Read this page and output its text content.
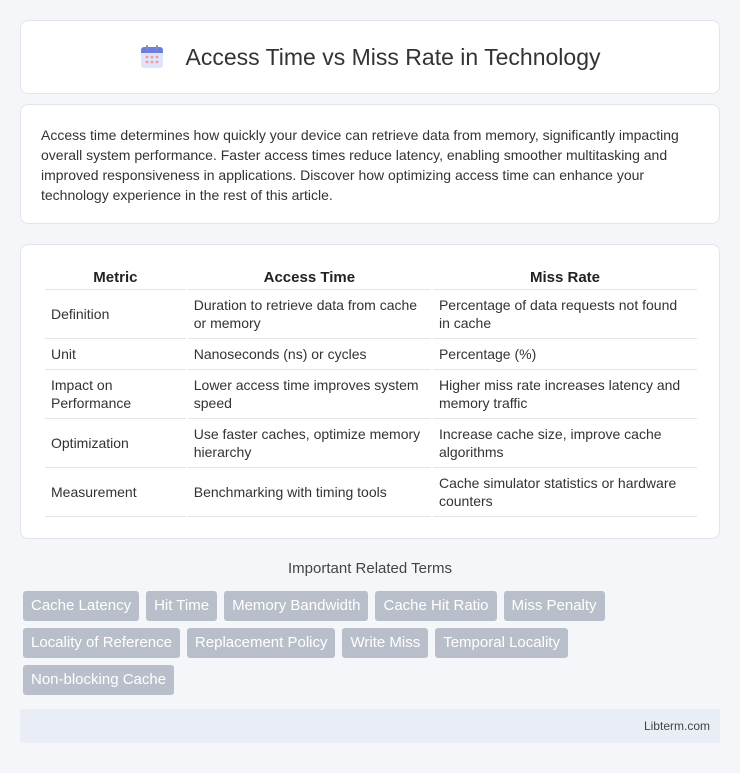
Access Time vs Miss Rate in Technology

Access time determines how quickly your device can retrieve data from memory, significantly impacting overall system performance. Faster access times reduce latency, enabling smoother multitasking and improved responsiveness in applications. Discover how optimizing access time can enhance your technology experience in the rest of this article.

Metric	Access Time	Miss Rate
Definition	Duration to retrieve data from cache or memory	Percentage of data requests not found in cache
Unit	Nanoseconds (ns) or cycles	Percentage (%)
Impact on Performance	Lower access time improves system speed	Higher miss rate increases latency and memory traffic
Optimization	Use faster caches, optimize memory hierarchy	Increase cache size, improve cache algorithms
Measurement	Benchmarking with timing tools	Cache simulator statistics or hardware counters
Important Related Terms
Cache Latency	Hit Time	Memory Bandwidth	Cache Hit Ratio	Miss Penalty
Locality of Reference	Replacement Policy	Write Miss	Temporal Locality
Non-blocking Cache
Libterm.com
